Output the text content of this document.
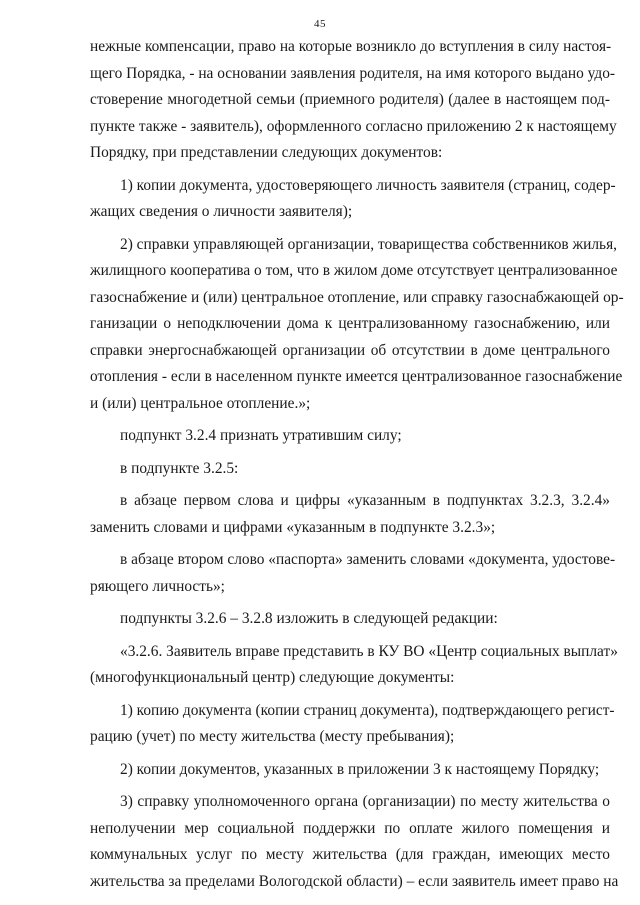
45
нежные компенсации, право на которые возникло до вступления в силу настоя-
щего Порядка, - на основании заявления родителя, на имя которого выдано удо-
стоверение многодетной семьи (приемного родителя) (далее в настоящем под-
пункте также - заявитель), оформленного согласно приложению 2 к настоящему
Порядку, при представлении следующих документов:
1) копии документа, удостоверяющего личность заявителя (страниц, содер-
жащих сведения о личности заявителя);
2) справки управляющей организации, товарищества собственников жилья,
жилищного кооператива о том, что в жилом доме отсутствует централизованное
газоснабжение и (или) центральное отопление, или справку газоснабжающей ор-
ганизации о неподключении дома к централизованному газоснабжению, или
справки энергоснабжающей организации об отсутствии в доме центрального
отопления - если в населенном пункте имеется централизованное газоснабжение
и (или) центральное отопление.»;
подпункт 3.2.4 признать утратившим силу;
в подпункте 3.2.5:
в абзаце первом слова и цифры «указанным в подпунктах 3.2.3, 3.2.4»
заменить словами и цифрами «указанным в подпункте 3.2.3»;
в абзаце втором слово «паспорта» заменить словами «документа, удостове-
ряющего личность»;
подпункты 3.2.6 – 3.2.8 изложить в следующей редакции:
«3.2.6. Заявитель вправе представить в КУ ВО «Центр социальных выплат»
(многофункциональный центр) следующие документы:
1) копию документа (копии страниц документа), подтверждающего регист-
рацию (учет) по месту жительства (месту пребывания);
2) копии документов, указанных в приложении 3 к настоящему Порядку;
3) справку уполномоченного органа (организации) по месту жительства о
неполучении мер социальной поддержки по оплате жилого помещения и
коммунальных услуг по месту жительства (для граждан, имеющих место
жительства за пределами Вологодской области) – если заявитель имеет право на
